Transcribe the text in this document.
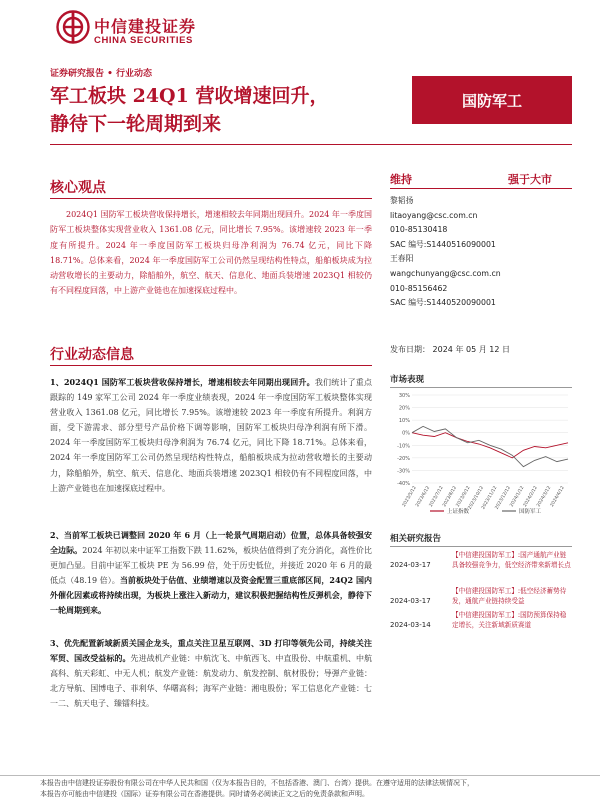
中信建投证券
CHINA SECURITIES
证券研究报告 • 行业动态
军工板块 24Q1 营收增速回升，
静待下一轮周期到来
国防军工
核心观点
2024Q1 国防军工板块营收保持增长，增速相较去年同期出现回升。2024 年一季度国防军工板块整体实现营业收入 1361.08 亿元，同比增长 7.95%。该增速较 2023 年一季度有所提升。2024 年一季度国防军工板块归母净利润为 76.74 亿元，同比下降 18.71%。总体来看，2024 年一季度国防军工公司仍然呈现结构性特点，船舶板块成为拉动营收增长的主要动力，除船舶外，航空、航天、信息化、地面兵装增速 2023Q1 相较仍有不同程度回落，中上游产业链也在加速探底过程中。
行业动态信息
1、2024Q1 国防军工板块营收保持增长，增速相较去年同期出现回升。我们统计了重点跟踪的 149 家军工公司 2024 年一季度业绩表现，2024 年一季度国防军工板块整体实现营业收入 1361.08 亿元，同比增长 7.95%。该增速较 2023 年一季度有所提升。利润方面，受下游需求、部分型号产品价格下调等影响，国防军工板块归母净利润有所下滑。2024 年一季度国防军工板块归母净利润为 76.74 亿元，同比下降 18.71%。总体来看，2024 年一季度国防军工公司仍然呈现结构性特点，船舶板块成为拉动营收增长的主要动力，除船舶外，航空、航天、信息化、地面兵装增速 2023Q1 相较仍有不同程度回落，中上游产业链也在加速探底过程中。
2、当前军工板块已调整回 2020 年 6 月（上一轮景气周期启动）位置，总体具备较强安全边际。2024 年初以来中证军工指数下跌 11.62%，板块估值得到了充分消化，高性价比更加凸显。目前中证军工板块 PE 为 56.99 倍，处于历史低位，并接近 2020 年 6 月的最低点（48.19 倍）。当前板块处于估值、业绩增速以及资金配置三重底部区间，24Q2 国内外催化因素或将持续出现，为板块上涨注入新动力，建议积极把握结构性反弹机会，静待下一轮周期到来。
3、优先配置新域新质关国企龙头，重点关注卫星互联网、3D 打印等领先公司，持续关注军贸、国改受益标的。先进战机产业链：中航沈飞、中航西飞、中直股份、中航重机、中航高科、航天彩虹、中无人机；航发产业链：航发动力、航发控制、航材股份；导弹产业链：北方导航、国博电子、菲利华、华曙高科；海军产业链：湘电股份；军工信息化产业链：七一二、航天电子、臻镭科技。
维持	强于大市
黎韬扬
litaoyang@csc.com.cn
010-85130418
SAC 编号:S1440516090001
王春阳
wangchunyang@csc.com.cn
010-85156462
SAC 编号:S1440520090001
发布日期： 2024 年 05 月 12 日
市场表现
30%
20%
10%
0%
-10%
-20%
-30%
-40%
2023/5/12
2023/6/12
2023/7/12
2023/8/12
2023/9/12
2023/10/12
2023/11/12
2023/12/12
2024/1/12
2024/2/12
2024/3/12
2024/4/12
上证指数	国防军工
相关研究报告
2024-03-17
【中信建投国防军工】:国产通航产业链具备较强竞争力，低空经济带来新增长点
2024-03-17
【中信建投国防军工】:低空经济蓄势待发，通航产业链持续受益
2024-03-14
【中信建投国防军工】:国防预算保持稳定增长，关注新域新质赛道
本报告由中信建投证券股份有限公司在中华人民共和国（仅为本报告目的，不包括香港、澳门、台湾）提供。在遵守适用的法律法规情况下，
本报告亦可能由中信建投（国际）证券有限公司在香港提供。同时请务必阅读正文之后的免责条款和声明。
